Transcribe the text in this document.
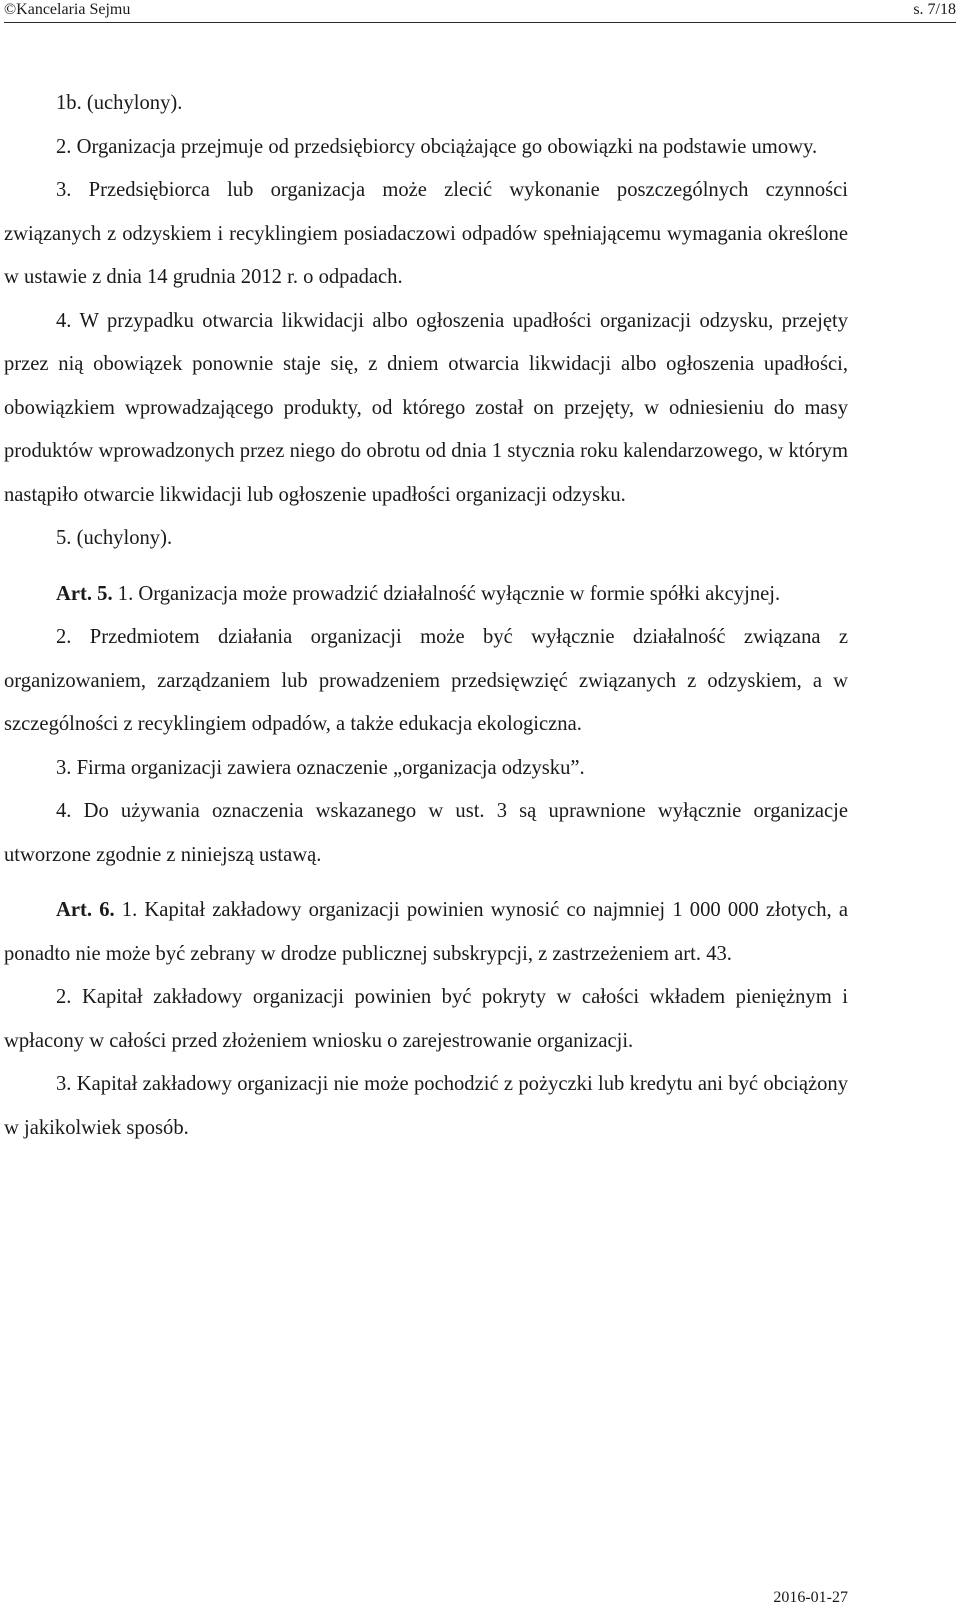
©Kancelaria Sejmu	s. 7/18

1b. (uchylony).

2. Organizacja przejmuje od przedsiębiorcy obciążające go obowiązki na podstawie umowy.

3. Przedsiębiorca lub organizacja może zlecić wykonanie poszczególnych czynności związanych z odzyskiem i recyklingiem posiadaczowi odpadów spełniającemu wymagania określone w ustawie z dnia 14 grudnia 2012 r. o odpadach.

4. W przypadku otwarcia likwidacji albo ogłoszenia upadłości organizacji odzysku, przejęty przez nią obowiązek ponownie staje się, z dniem otwarcia likwidacji albo ogłoszenia upadłości, obowiązkiem wprowadzającego produkty, od którego został on przejęty, w odniesieniu do masy produktów wprowadzonych przez niego do obrotu od dnia 1 stycznia roku kalendarzowego, w którym nastąpiło otwarcie likwidacji lub ogłoszenie upadłości organizacji odzysku.

5. (uchylony).

Art. 5. 1. Organizacja może prowadzić działalność wyłącznie w formie spółki akcyjnej.

2. Przedmiotem działania organizacji może być wyłącznie działalność związana z organizowaniem, zarządzaniem lub prowadzeniem przedsięwzięć związanych z odzyskiem, a w szczególności z recyklingiem odpadów, a także edukacja ekologiczna.

3. Firma organizacji zawiera oznaczenie „organizacja odzysku”.

4. Do używania oznaczenia wskazanego w ust. 3 są uprawnione wyłącznie organizacje utworzone zgodnie z niniejszą ustawą.

Art. 6. 1. Kapitał zakładowy organizacji powinien wynosić co najmniej 1 000 000 złotych, a ponadto nie może być zebrany w drodze publicznej subskrypcji, z zastrzeżeniem art. 43.

2. Kapitał zakładowy organizacji powinien być pokryty w całości wkładem pieniężnym i wpłacony w całości przed złożeniem wniosku o zarejestrowanie organizacji.

3. Kapitał zakładowy organizacji nie może pochodzić z pożyczki lub kredytu ani być obciążony w jakikolwiek sposób.

2016-01-27
